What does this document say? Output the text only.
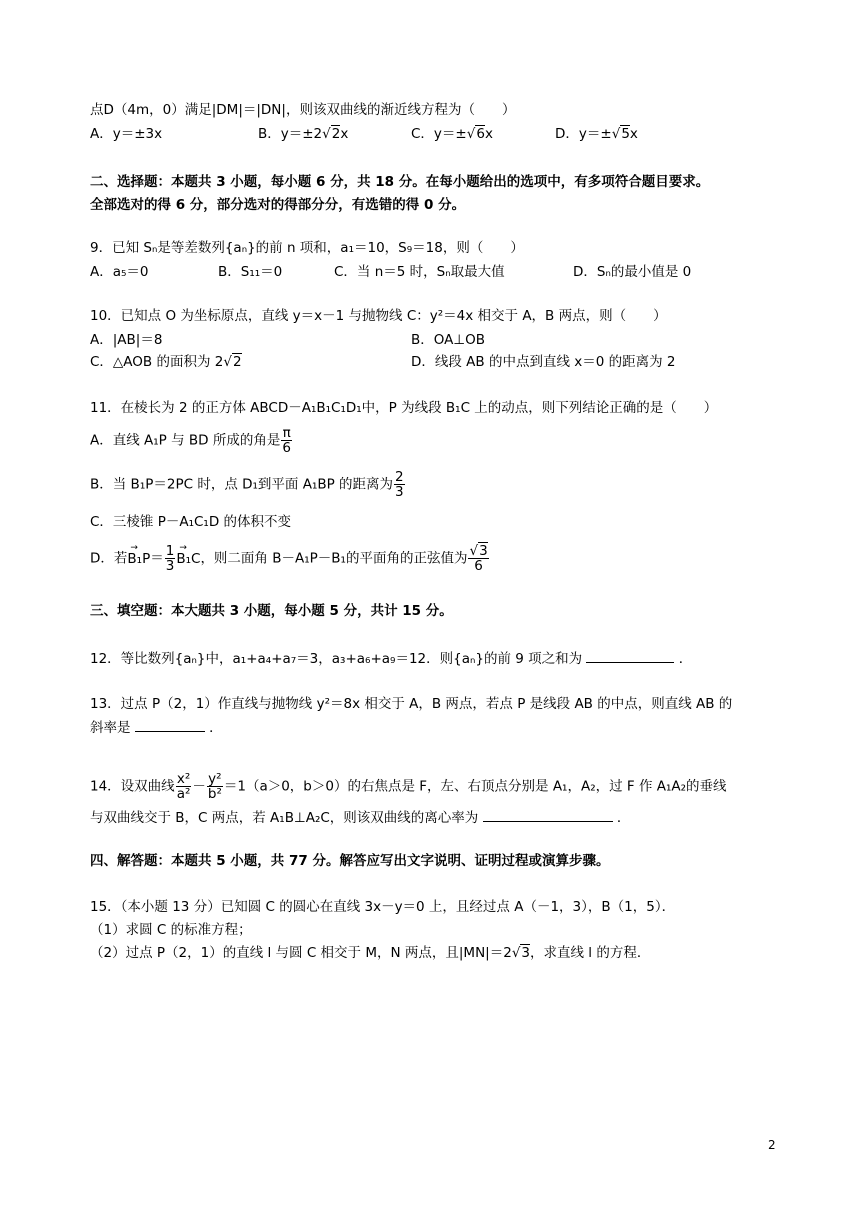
点D（4m，0）满足|DM|＝|DN|，则该双曲线的渐近线方程为（　　）
A．y＝±3x	B．y＝±2√2x	C．y＝±√6x	D．y＝±√5x
二、选择题：本题共 3 小题，每小题 6 分，共 18 分。在每小题给出的选项中，有多项符合题目要求。
全部选对的得 6 分，部分选对的得部分分，有选错的得 0 分。
9．已知 Sₙ是等差数列{aₙ}的前 n 项和，a₁＝10，S₉＝18，则（　　）
A．a₅＝0	B．S₁₁＝0	C．当 n＝5 时，Sₙ取最大值	D．Sₙ的最小值是 0
10．已知点 O 为坐标原点，直线 y＝x－1 与抛物线 C：y²＝4x 相交于 A，B 两点，则（　　）
A．|AB|＝8	B．OA⊥OB
C．△AOB 的面积为 2√2	D．线段 AB 的中点到直线 x＝0 的距离为 2
11．在棱长为 2 的正方体 ABCD－A₁B₁C₁D₁中，P 为线段 B₁C 上的动点，则下列结论正确的是（　　）
A．直线 A₁P 与 BD 所成的角是 $\frac{\pi}{6}$
B．当 B₁P＝2PC 时，点 D₁到平面 A₁BP 的距离为 $\frac{2}{3}$
C．三棱锥 P－A₁C₁D 的体积不变
D．若→ $B_1P= \frac{1}{3}$
→ B₁C，则二面角 B－A₁P－B₁的平面角的正弦值为 $\frac{√3}{6}$
三、填空题：本大题共 3 小题，每小题 5 分，共计 15 分。
12．等比数列{aₙ}中，a₁+a₄+a₇＝3，a₃+a₆+a₉＝12．则{aₙ}的前 9 项之和为	．
13．过点 P（2，1）作直线与抛物线 y²＝8x 相交于 A，B 两点，若点 P 是线段 AB 的中点，则直线 AB 的
斜率是	．
14．设双曲线 $\frac{\text{x²}}{\text{a²}} - \frac{\text{y²}}{\text{b²}} =1(a>0$，b＞0）的右焦点是 F，左、右顶点分别是 A₁，A₂，过 F 作 A₁A₂的垂线
与双曲线交于 B，C 两点，若 A₁B⊥A₂C，则该双曲线的离心率为	．
四、解答题：本题共 5 小题，共 77 分。解答应写出文字说明、证明过程或演算步骤。
15．（本小题 13 分）已知圆 C 的圆心在直线 3x－y＝0 上，且经过点 A（－1，3），B（1，5）．
（1）求圆 C 的标准方程；
（2）过点 P（2，1）的直线 l 与圆 C 相交于 M，N 两点，且|MN|＝2√3，求直线 l 的方程．
2
